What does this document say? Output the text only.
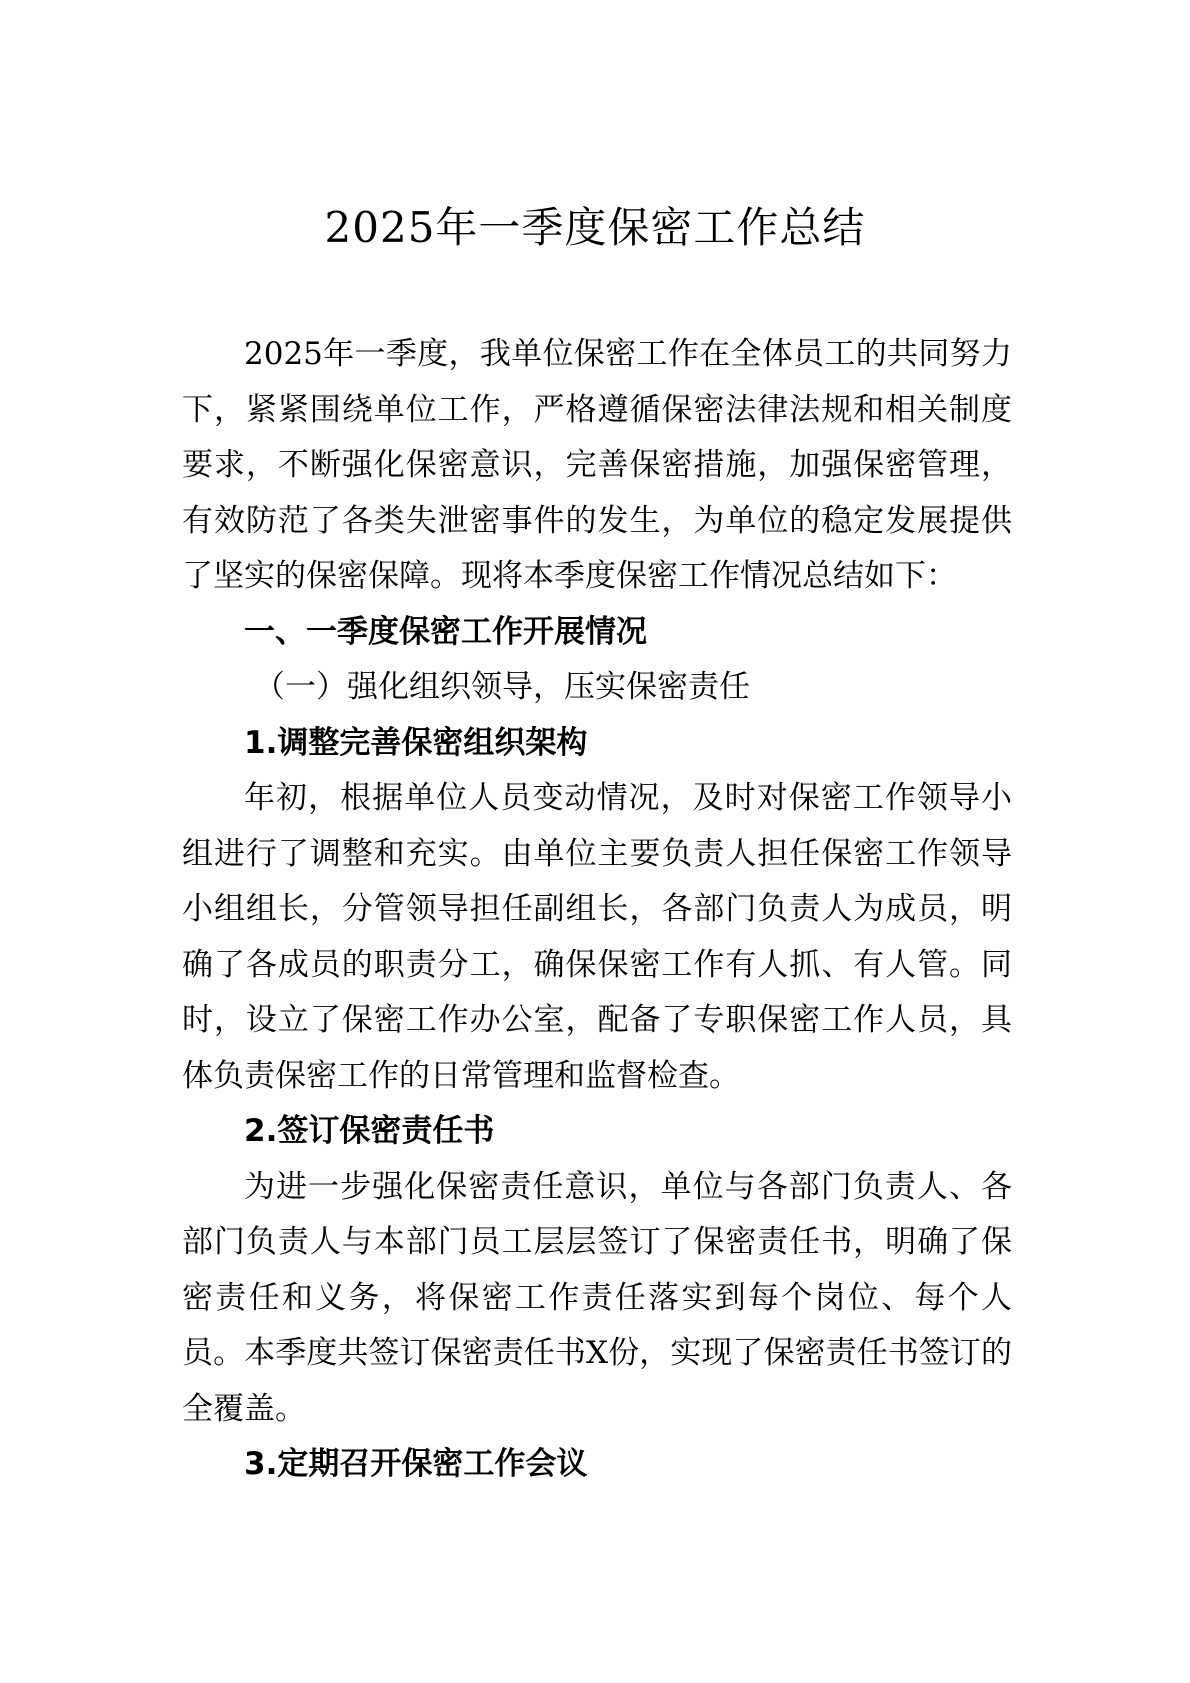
2025年一季度保密工作总结

2025年一季度，我单位保密工作在全体员工的共同努力下，紧紧围绕单位工作，严格遵循保密法律法规和相关制度要求，不断强化保密意识，完善保密措施，加强保密管理，有效防范了各类失泄密事件的发生，为单位的稳定发展提供了坚实的保密保障。现将本季度保密工作情况总结如下：

一、一季度保密工作开展情况

（一）强化组织领导，压实保密责任

1.调整完善保密组织架构

年初，根据单位人员变动情况，及时对保密工作领导小组进行了调整和充实。由单位主要负责人担任保密工作领导小组组长，分管领导担任副组长，各部门负责人为成员，明确了各成员的职责分工，确保保密工作有人抓、有人管。同时，设立了保密工作办公室，配备了专职保密工作人员，具体负责保密工作的日常管理和监督检查。

2.签订保密责任书

为进一步强化保密责任意识，单位与各部门负责人、各部门负责人与本部门员工层层签订了保密责任书，明确了保密责任和义务，将保密工作责任落实到每个岗位、每个人员。本季度共签订保密责任书X份，实现了保密责任书签订的全覆盖。

3.定期召开保密工作会议
